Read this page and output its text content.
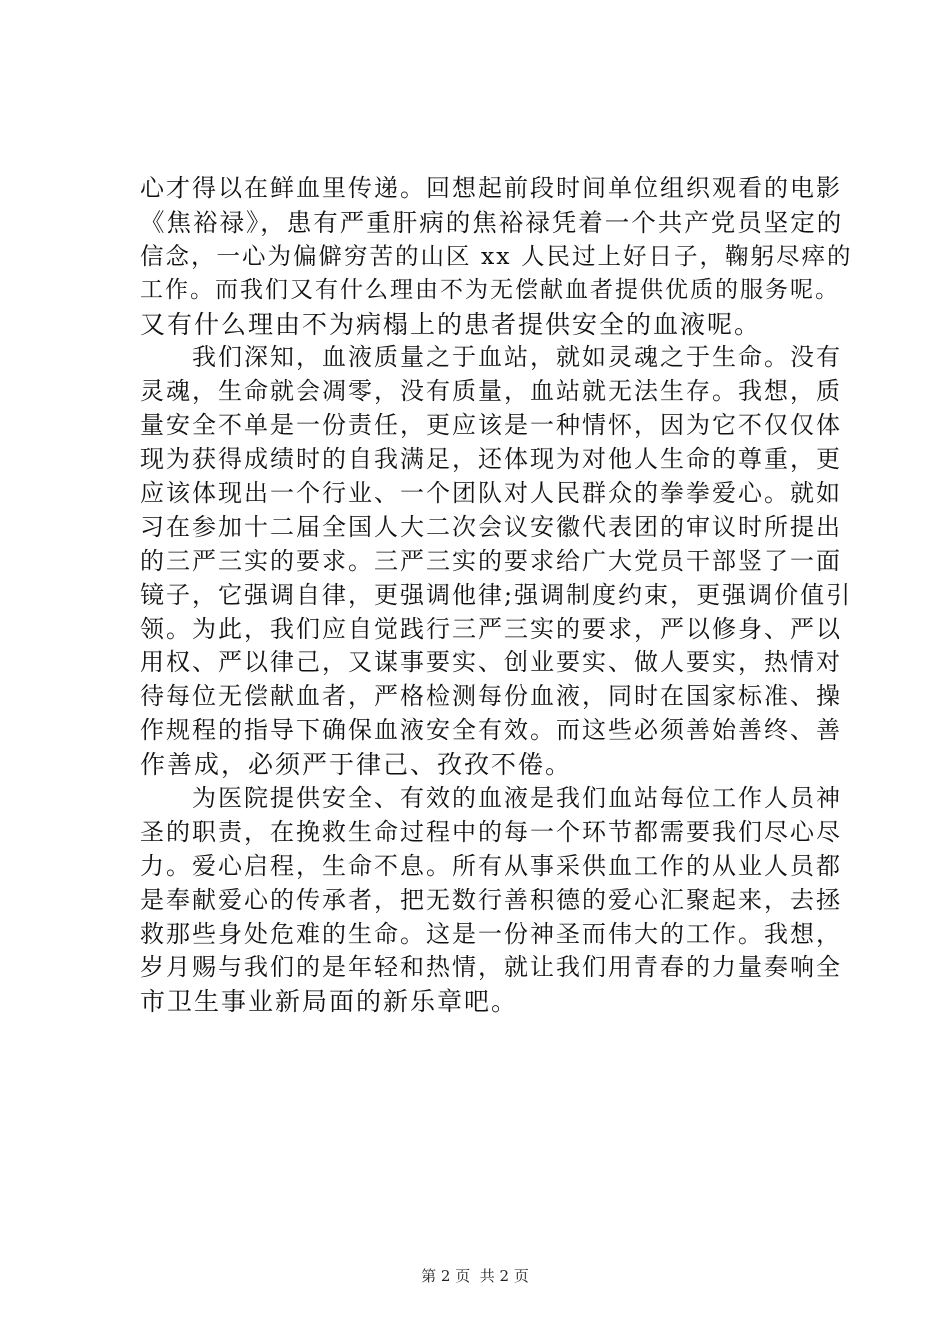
心才得以在鲜血里传递。回想起前段时间单位组织观看的电影
《焦裕禄》，患有严重肝病的焦裕禄凭着一个共产党员坚定的
信念，一心为偏僻穷苦的山区 xx 人民过上好日子，鞠躬尽瘁的
工作。而我们又有什么理由不为无偿献血者提供优质的服务呢。
又有什么理由不为病榻上的患者提供安全的血液呢。
　　我们深知，血液质量之于血站，就如灵魂之于生命。没有
灵魂，生命就会凋零，没有质量，血站就无法生存。我想，质
量安全不单是一份责任，更应该是一种情怀，因为它不仅仅体
现为获得成绩时的自我满足，还体现为对他人生命的尊重，更
应该体现出一个行业、一个团队对人民群众的拳拳爱心。就如
习在参加十二届全国人大二次会议安徽代表团的审议时所提出
的三严三实的要求。三严三实的要求给广大党员干部竖了一面
镜子，它强调自律，更强调他律;强调制度约束，更强调价值引
领。为此，我们应自觉践行三严三实的要求，严以修身、严以
用权、严以律己，又谋事要实、创业要实、做人要实，热情对
待每位无偿献血者，严格检测每份血液，同时在国家标准、操
作规程的指导下确保血液安全有效。而这些必须善始善终、善
作善成，必须严于律己、孜孜不倦。
　　为医院提供安全、有效的血液是我们血站每位工作人员神
圣的职责，在挽救生命过程中的每一个环节都需要我们尽心尽
力。爱心启程，生命不息。所有从事采供血工作的从业人员都
是奉献爱心的传承者，把无数行善积德的爱心汇聚起来，去拯
救那些身处危难的生命。这是一份神圣而伟大的工作。我想，
岁月赐与我们的是年轻和热情，就让我们用青春的力量奏响全
市卫生事业新局面的新乐章吧。
第 2 页  共 2 页
